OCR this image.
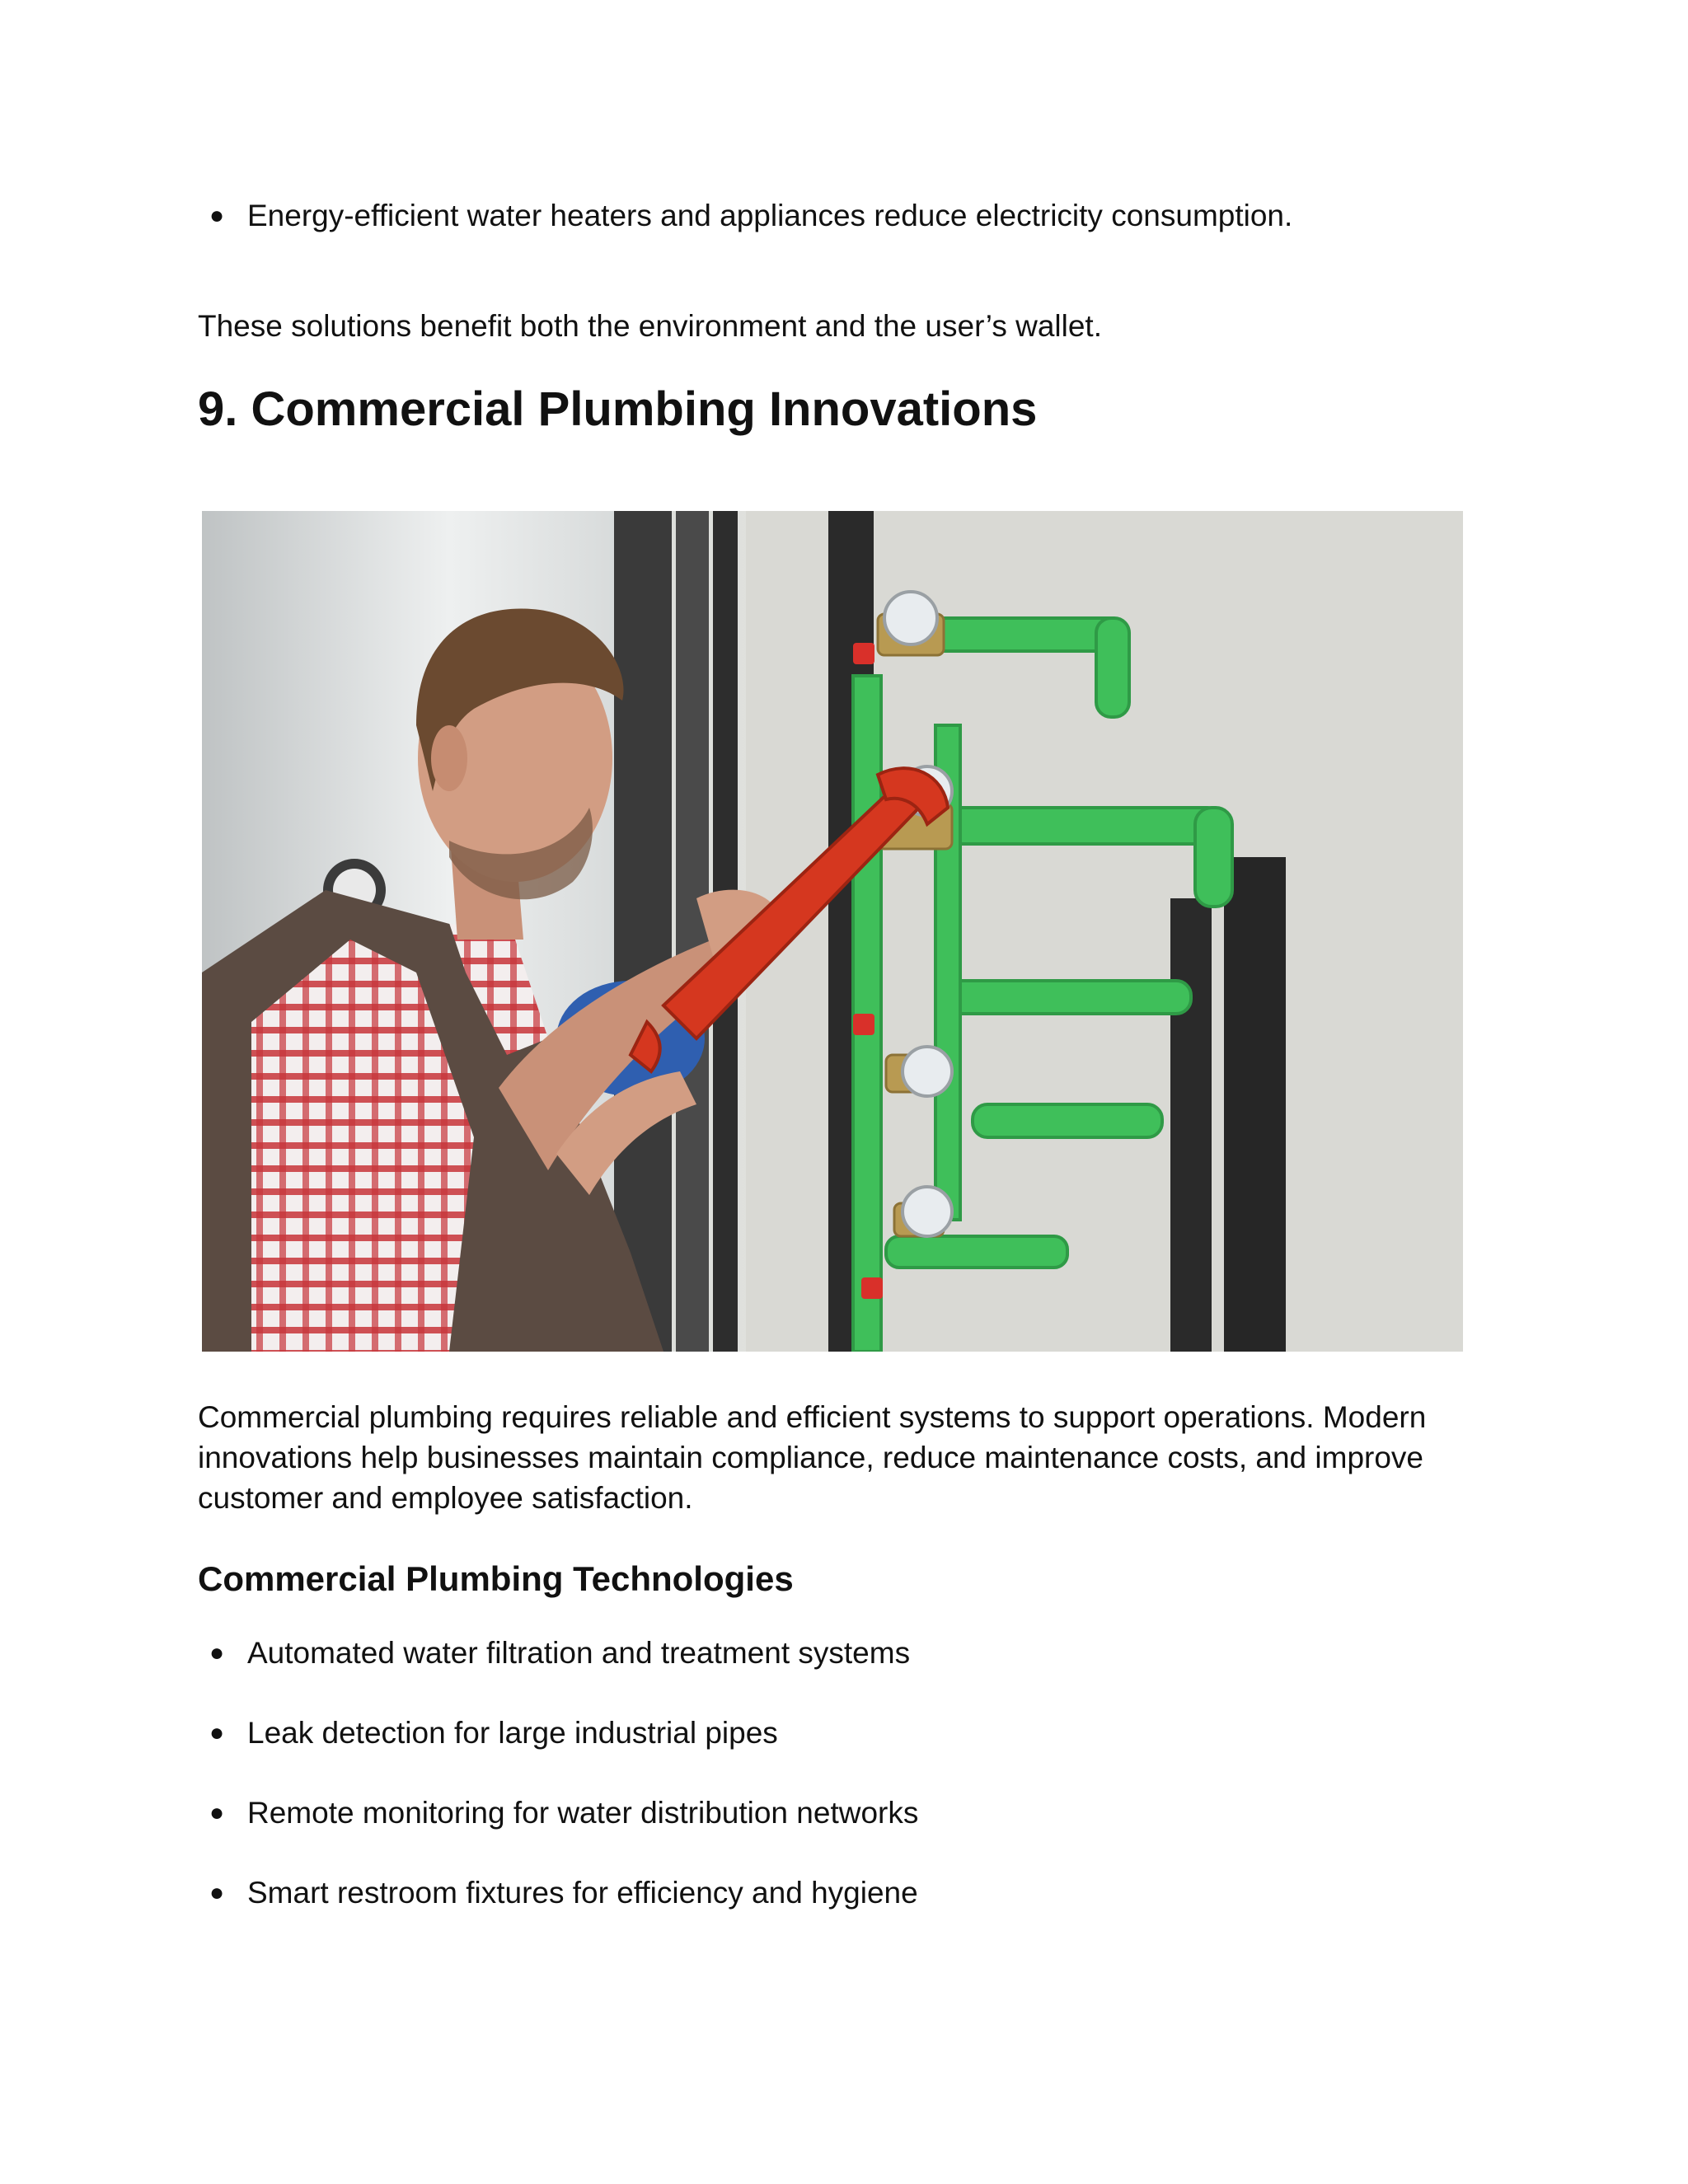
● Energy-efficient water heaters and appliances reduce electricity consumption.

These solutions benefit both the environment and the user’s wallet.

9. Commercial Plumbing Innovations

Commercial plumbing requires reliable and efficient systems to support operations. Modern

innovations help businesses maintain compliance, reduce maintenance costs, and improve

customer and employee satisfaction.

Commercial Plumbing Technologies
● Automated water filtration and treatment systems
● Leak detection for large industrial pipes
● Remote monitoring for water distribution networks
● Smart restroom fixtures for efficiency and hygiene
